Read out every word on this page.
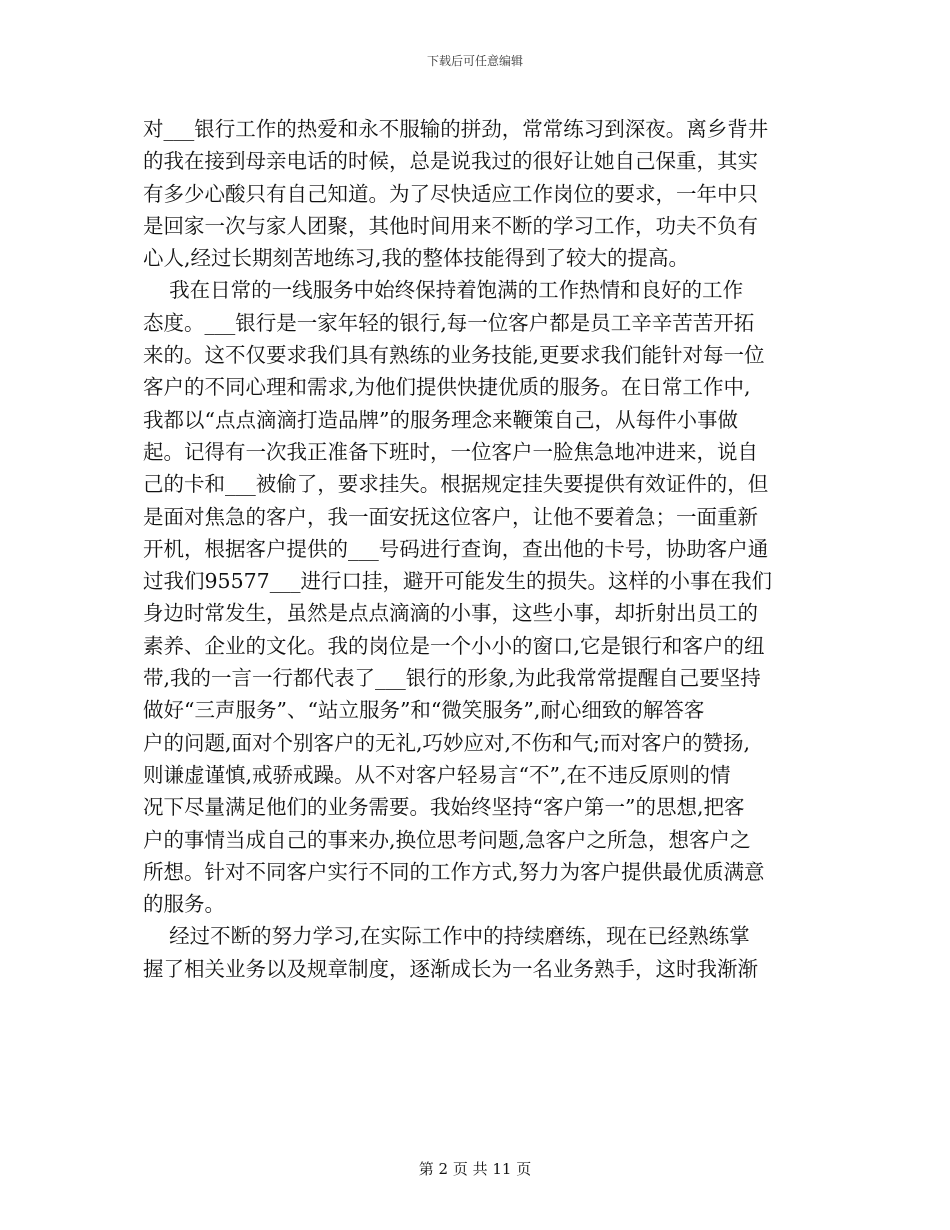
下载后可任意编辑
对___银行工作的热爱和永不服输的拼劲，常常练习到深夜。离乡背井
的我在接到母亲电话的时候，总是说我过的很好让她自己保重，其实
有多少心酸只有自己知道。为了尽快适应工作岗位的要求，一年中只
是回家一次与家人团聚，其他时间用来不断的学习工作，功夫不负有
心人,经过长期刻苦地练习,我的整体技能得到了较大的提高。
我在日常的一线服务中始终保持着饱满的工作热情和良好的工作
态度。___银行是一家年轻的银行,每一位客户都是员工辛辛苦苦开拓
来的。这不仅要求我们具有熟练的业务技能,更要求我们能针对每一位
客户的不同心理和需求,为他们提供快捷优质的服务。在日常工作中,
我都以“点点滴滴打造品牌”的服务理念来鞭策自己，从每件小事做
起。记得有一次我正准备下班时，一位客户一脸焦急地冲进来，说自
己的卡和___被偷了，要求挂失。根据规定挂失要提供有效证件的，但
是面对焦急的客户，我一面安抚这位客户，让他不要着急；一面重新
开机，根据客户提供的___号码进行查询，查出他的卡号，协助客户通
过我们95577___进行口挂，避开可能发生的损失。这样的小事在我们
身边时常发生，虽然是点点滴滴的小事，这些小事，却折射出员工的
素养、企业的文化。我的岗位是一个小小的窗口,它是银行和客户的纽
带,我的一言一行都代表了___银行的形象,为此我常常提醒自己要坚持
做好“三声服务”、“站立服务”和“微笑服务”,耐心细致的解答客
户的问题,面对个别客户的无礼,巧妙应对,不伤和气;而对客户的赞扬,
则谦虚谨慎,戒骄戒躁。从不对客户轻易言“不”,在不违反原则的情
况下尽量满足他们的业务需要。我始终坚持“客户第一”的思想,把客
户的事情当成自己的事来办,换位思考问题,急客户之所急，想客户之
所想。针对不同客户实行不同的工作方式,努力为客户提供最优质满意
的服务。
经过不断的努力学习,在实际工作中的持续磨练，现在已经熟练掌
握了相关业务以及规章制度，逐渐成长为一名业务熟手，这时我渐渐
第 2 页 共 11 页
